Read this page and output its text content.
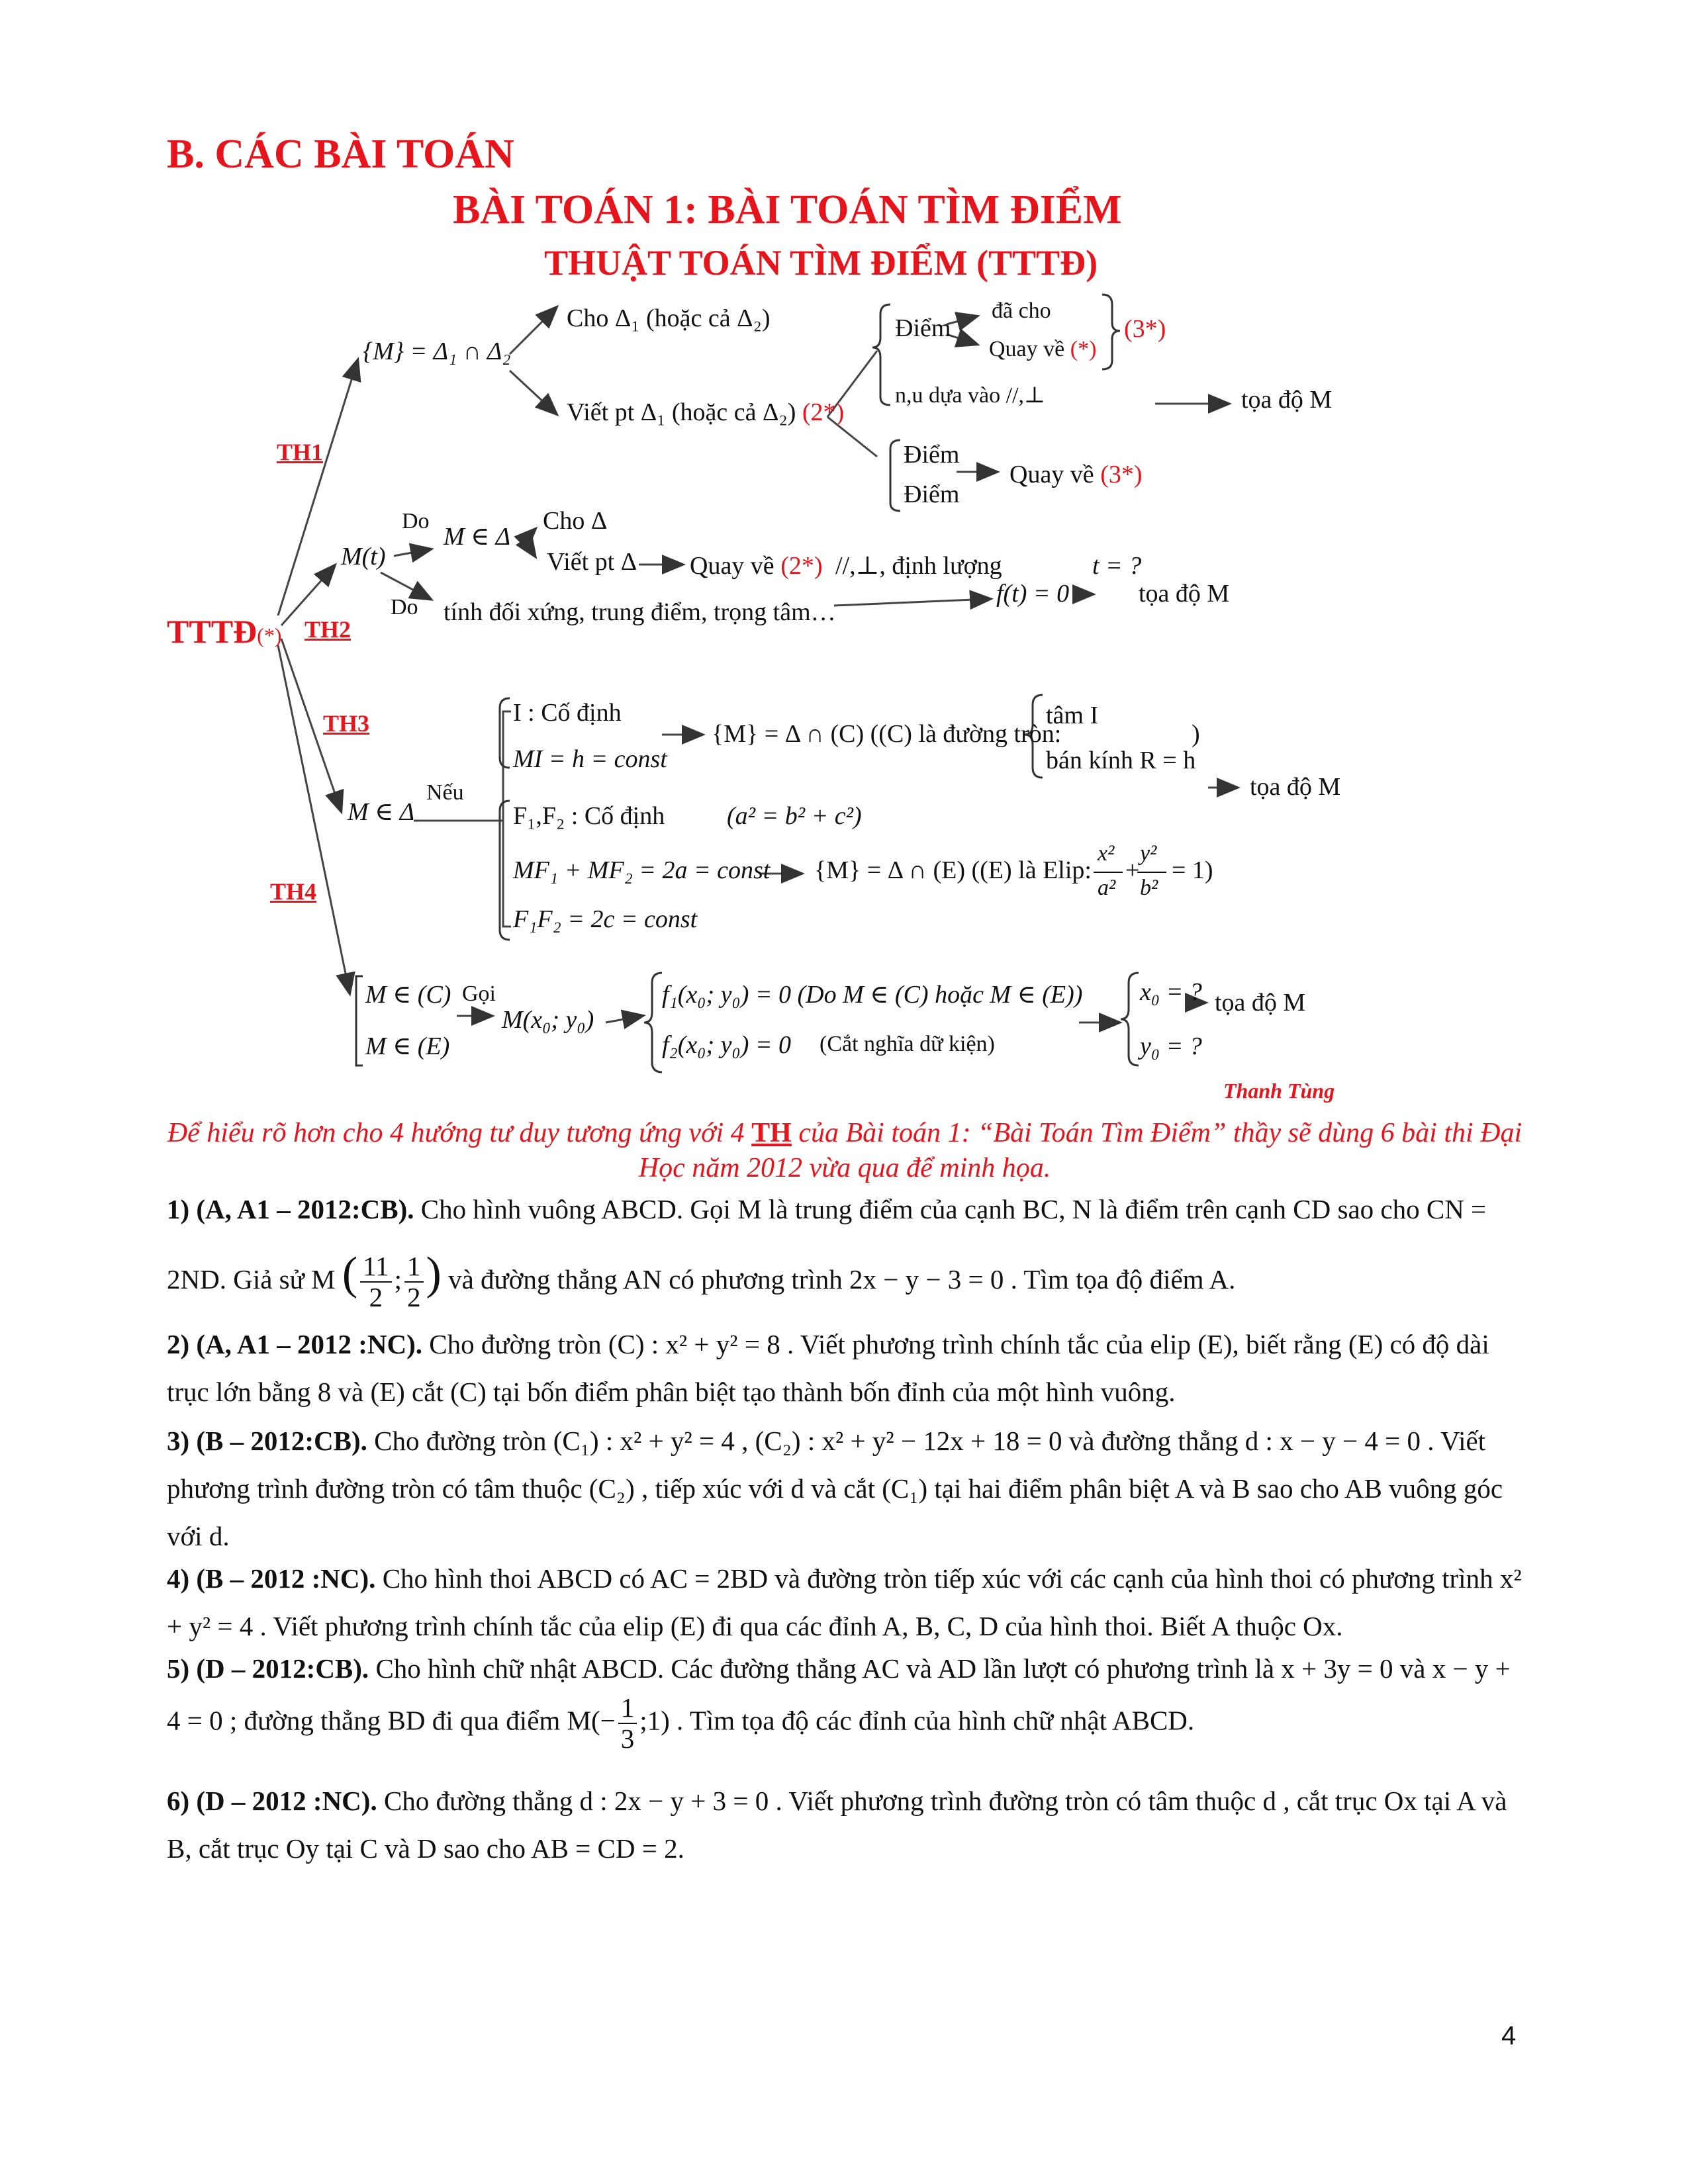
B. CÁC BÀI TOÁN
BÀI TOÁN 1: BÀI TOÁN TÌM ĐIỂM
THUẬT TOÁN TÌM ĐIỂM (TTTĐ)
TTTĐ(*)
TH1
TH2
TH3
TH4
{M} = Δ₁ ∩ Δ₂
Cho Δ₁ (hoặc cả Δ₂)
Viết pt Δ₁ (hoặc cả Δ₂) (2*)
Điểm
đã cho
Quay về (*)
(3*)
n,u dựa vào //,⊥	tọa độ M
Điểm
Điểm
Quay về (3*)
M(t)
Do
M ∈ Δ
Cho Δ
Viết pt Δ Quay về (2*) //,⊥, định lượng
Do tính đối xứng, trung điểm, trọng tâm…
f(t) = 0
t = ?
tọa độ M
M ∈ Δ
Nếu
I : Cố định
MI = h = const
{M} = Δ ∩ (C) ((C) là đường tròn:
tâm I
bán kính R = h
)
tọa độ M
F₁,F₂ : Cố định (a² = b² + c²)
MF₁ + MF₂ = 2a = const {M} = Δ ∩ (E) ((E) là Elip:
x²
a²
+
y²
b²
= 1)
F₁F₂ = 2c = const
M ∈ (C)
M ∈ (E)
Gọi
M(x₀; y₀)
f₁(x₀; y₀) = 0 (Do M ∈ (C) hoặc M ∈ (E))
f₂(x₀; y₀) = 0 (Cắt nghĩa dữ kiện)
x₀ = ?
y₀ = ?
tọa độ M
Thanh Tùng
Để hiểu rõ hơn cho 4 hướng tư duy tương ứng với 4 TH của Bài toán 1: “Bài Toán Tìm Điểm” thầy sẽ dùng 6 bài thi Đại Học năm 2012 vừa qua để minh họa.
1) (A, A1 – 2012:CB). Cho hình vuông ABCD. Gọi M là trung điểm của cạnh BC, N là điểm trên cạnh CD sao cho CN = 2ND. Giả sử M ( $\frac{11}{2}$ ; $\frac{1}{2}$ ) và đường thẳng AN có phương trình 2x − y − 3 = 0 . Tìm tọa độ điểm A.
2) (A, A1 – 2012 :NC). Cho đường tròn (C) : x² + y² = 8 . Viết phương trình chính tắc của elip (E), biết rằng (E) có độ dài trục lớn bằng 8 và (E) cắt (C) tại bốn điểm phân biệt tạo thành bốn đỉnh của một hình vuông.
3) (B – 2012:CB). Cho đường tròn (C₁) : x² + y² = 4 , (C₂) : x² + y² − 12x + 18 = 0 và đường thẳng d : x − y − 4 = 0 . Viết phương trình đường tròn có tâm thuộc (C₂) , tiếp xúc với d và cắt (C₁) tại hai điểm phân biệt A và B sao cho AB vuông góc với d.
4) (B – 2012 :NC). Cho hình thoi ABCD có AC = 2BD và đường tròn tiếp xúc với các cạnh của hình thoi có phương trình x² + y² = 4 . Viết phương trình chính tắc của elip (E) đi qua các đỉnh A, B, C, D của hình thoi. Biết A thuộc Ox.
5) (D – 2012:CB). Cho hình chữ nhật ABCD. Các đường thẳng AC và AD lần lượt có phương trình là x + 3y = 0 và x − y + 4 = 0 ; đường thẳng BD đi qua điểm $M(- \frac{1}{3}$ ;1) . Tìm tọa độ các đỉnh của hình chữ nhật ABCD.
6) (D – 2012 :NC). Cho đường thẳng d : 2x − y + 3 = 0 . Viết phương trình đường tròn có tâm thuộc d , cắt trục Ox tại A và B, cắt trục Oy tại C và D sao cho AB = CD = 2.
4
